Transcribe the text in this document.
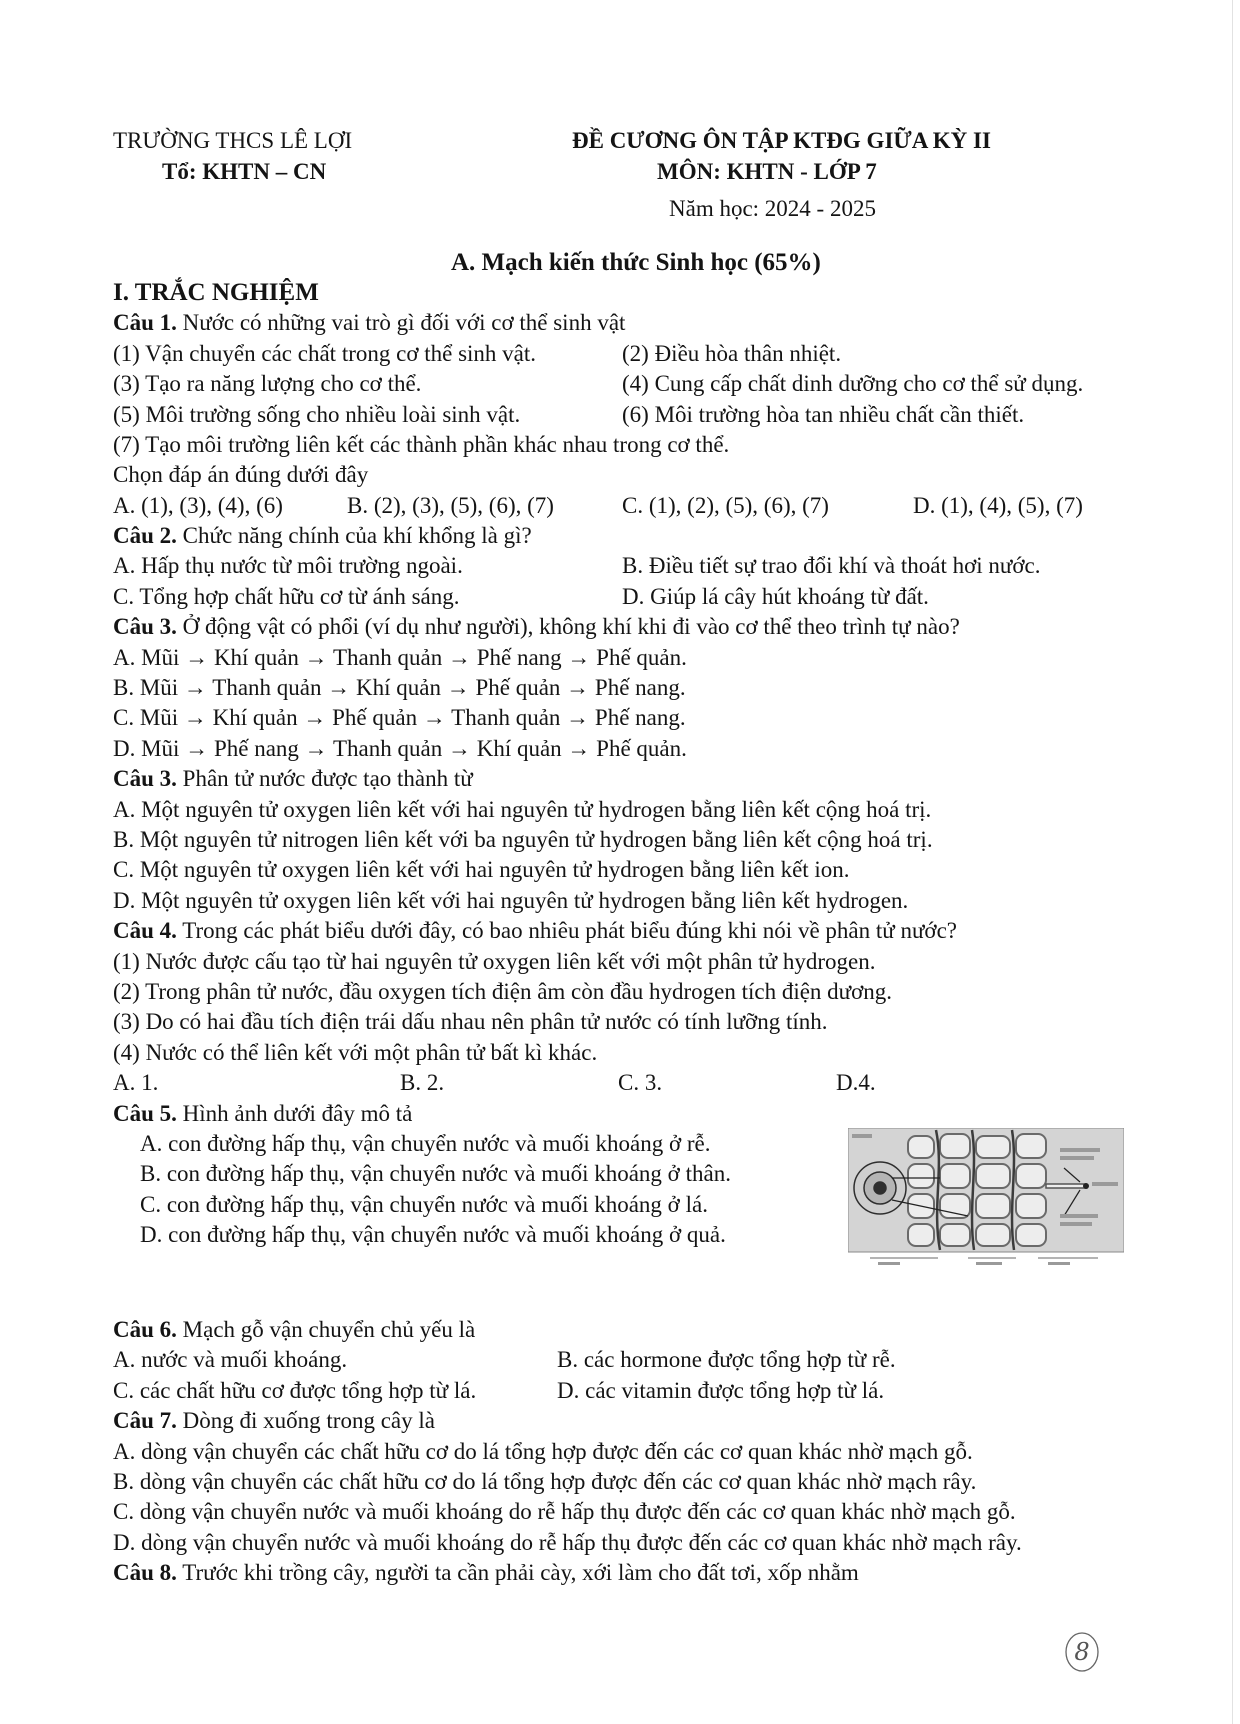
TRƯỜNG THCS LÊ LỢI
Tổ: KHTN – CN
ĐỀ CƯƠNG ÔN TẬP KTĐG GIỮA KỲ II
MÔN: KHTN - LỚP 7
Năm học: 2024 - 2025
A. Mạch kiến thức Sinh học (65%)
I. TRẮC NGHIỆM
Câu 1. Nước có những vai trò gì đối với cơ thể sinh vật
(1) Vận chuyển các chất trong cơ thể sinh vật.	(2) Điều hòa thân nhiệt.
(3) Tạo ra năng lượng cho cơ thể.	(4) Cung cấp chất dinh dưỡng cho cơ thể sử dụng.
(5) Môi trường sống cho nhiều loài sinh vật.	(6) Môi trường hòa tan nhiều chất cần thiết.
(7) Tạo môi trường liên kết các thành phần khác nhau trong cơ thể.
Chọn đáp án đúng dưới đây
A. (1), (3), (4), (6)	B. (2), (3), (5), (6), (7)	C. (1), (2), (5), (6), (7)	D. (1), (4), (5), (7)
Câu 2. Chức năng chính của khí khổng là gì?
A. Hấp thụ nước từ môi trường ngoài.	B. Điều tiết sự trao đổi khí và thoát hơi nước.
C. Tổng hợp chất hữu cơ từ ánh sáng.	D. Giúp lá cây hút khoáng từ đất.
Câu 3. Ở động vật có phổi (ví dụ như người), không khí khi đi vào cơ thể theo trình tự nào?
A. Mũi → Khí quản → Thanh quản → Phế nang → Phế quản.
B. Mũi → Thanh quản → Khí quản → Phế quản → Phế nang.
C. Mũi → Khí quản → Phế quản → Thanh quản → Phế nang.
D. Mũi → Phế nang → Thanh quản → Khí quản → Phế quản.
Câu 3. Phân tử nước được tạo thành từ
A. Một nguyên tử oxygen liên kết với hai nguyên tử hydrogen bằng liên kết cộng hoá trị.
B. Một nguyên tử nitrogen liên kết với ba nguyên tử hydrogen bằng liên kết cộng hoá trị.
C. Một nguyên tử oxygen liên kết với hai nguyên tử hydrogen bằng liên kết ion.
D. Một nguyên tử oxygen liên kết với hai nguyên tử hydrogen bằng liên kết hydrogen.
Câu 4. Trong các phát biểu dưới đây, có bao nhiêu phát biểu đúng khi nói về phân tử nước?
(1) Nước được cấu tạo từ hai nguyên tử oxygen liên kết với một phân tử hydrogen.
(2) Trong phân tử nước, đầu oxygen tích điện âm còn đầu hydrogen tích điện dương.
(3) Do có hai đầu tích điện trái dấu nhau nên phân tử nước có tính lưỡng tính.
(4) Nước có thể liên kết với một phân tử bất kì khác.
A. 1.	B. 2.	C. 3.	D.4.
Câu 5. Hình ảnh dưới đây mô tả
A. con đường hấp thụ, vận chuyển nước và muối khoáng ở rễ.
B. con đường hấp thụ, vận chuyển nước và muối khoáng ở thân.
C. con đường hấp thụ, vận chuyển nước và muối khoáng ở lá.
D. con đường hấp thụ, vận chuyển nước và muối khoáng ở quả.
Câu 6. Mạch gỗ vận chuyển chủ yếu là
A. nước và muối khoáng.	B. các hormone được tổng hợp từ rễ.
C. các chất hữu cơ được tổng hợp từ lá.	D. các vitamin được tổng hợp từ lá.
Câu 7. Dòng đi xuống trong cây là
A. dòng vận chuyển các chất hữu cơ do lá tổng hợp được đến các cơ quan khác nhờ mạch gỗ.
B. dòng vận chuyển các chất hữu cơ do lá tổng hợp được đến các cơ quan khác nhờ mạch rây.
C. dòng vận chuyển nước và muối khoáng do rễ hấp thụ được đến các cơ quan khác nhờ mạch gỗ.
D. dòng vận chuyển nước và muối khoáng do rễ hấp thụ được đến các cơ quan khác nhờ mạch rây.
Câu 8. Trước khi trồng cây, người ta cần phải cày, xới làm cho đất tơi, xốp nhằm
8
